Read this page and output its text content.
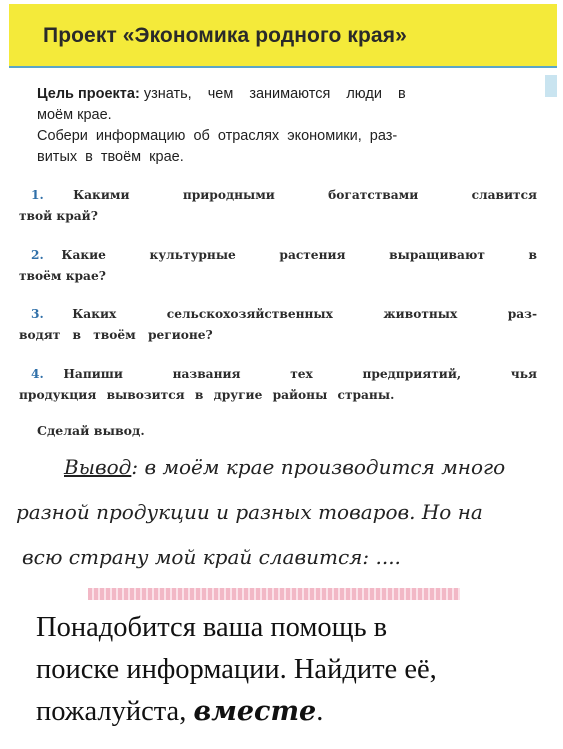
Проект «Экономика родного края»
Цель проекта: узнать, чем занимаются люди в
моём крае.
Собери информацию об отраслях экономики, раз-
витых в твоём крае.
1. Какими природными богатствами славится
твой край?
2. Какие культурные растения выращивают в
твоём крае?
3. Каких сельскохозяйственных животных раз-
водят в твоём регионе?
4. Напиши названия тех предприятий, чья
продукция вывозится в другие районы страны.
Сделай вывод.
Вывод: в моём крае производится много
разной продукции и разных товаров. Но на
всю страну мой край славится: ....
Понадобится ваша помощь в
поиске информации. Найдите её,
пожалуйста, вместе.
